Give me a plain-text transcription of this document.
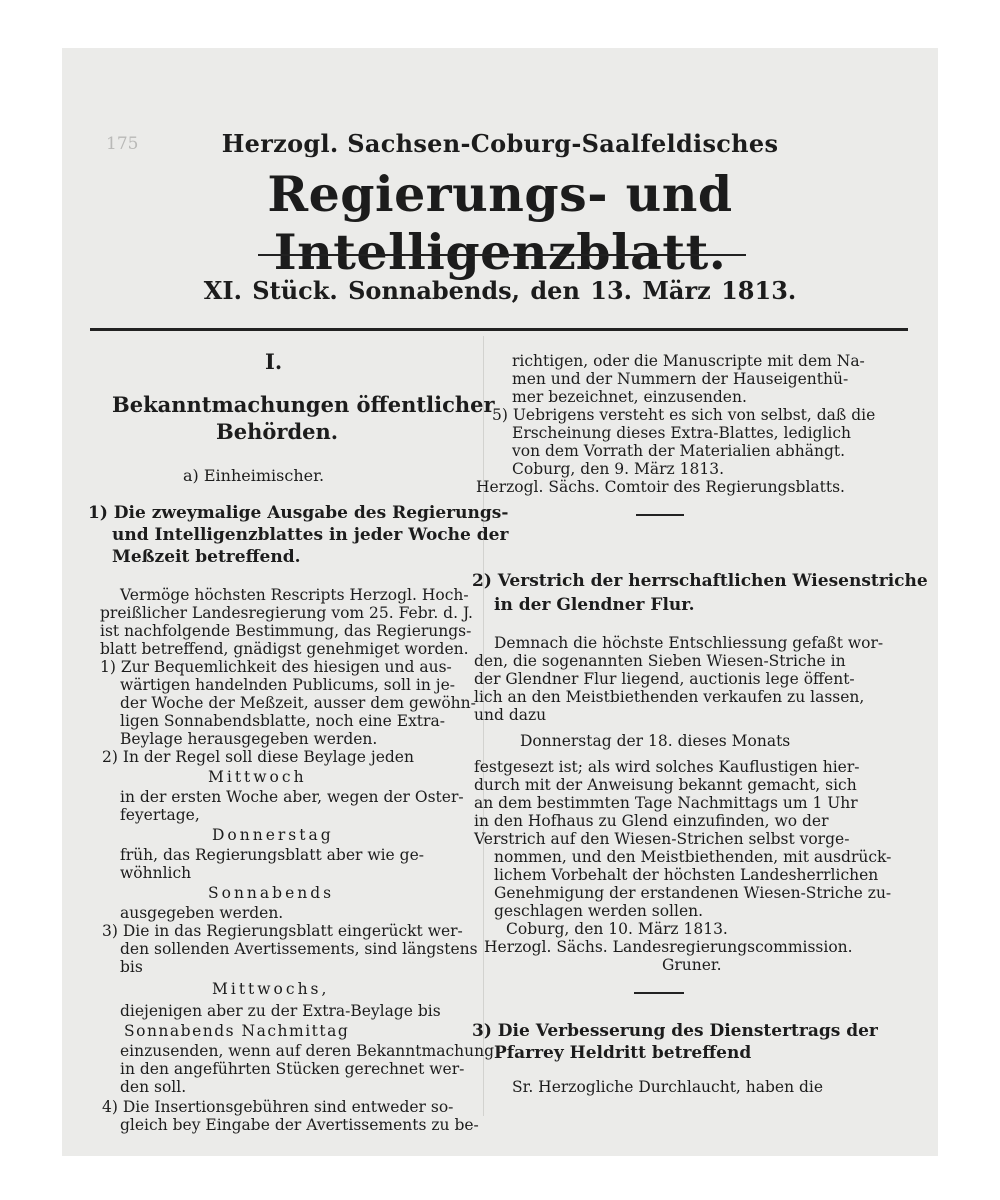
175	Herzogl. Sachsen-Coburg-Saalfeldisches
Regierungs- und Intelligenzblatt.
XI. Stück. Sonnabends, den 13. März 1813.
I.
Bekanntmachungen öffentlicher
Behörden.
a) Einheimischer.
1) Die zweymalige Ausgabe des Regierungs-
und Intelligenzblattes in jeder Woche der
Meßzeit betreffend.
Vermöge höchsten Rescripts Herzogl. Hoch-
preißlicher Landesregierung vom 25. Febr. d. J.
ist nachfolgende Bestimmung, das Regierungs-
blatt betreffend, gnädigst genehmiget worden.
1) Zur Bequemlichkeit des hiesigen und aus-
wärtigen handelnden Publicums, soll in je-
der Woche der Meßzeit, ausser dem gewöhn-
ligen Sonnabendsblatte, noch eine Extra-
Beylage herausgegeben werden.
2) In der Regel soll diese Beylage jeden
Mittwoch
in der ersten Woche aber, wegen der Oster-
feyertage,
Donnerstag
früh, das Regierungsblatt aber wie ge-
wöhnlich
Sonnabends
ausgegeben werden.
3) Die in das Regierungsblatt eingerückt wer-
den sollenden Avertissements, sind längstens
bis
Mittwochs,
diejenigen aber zu der Extra-Beylage bis
Sonnabends Nachmittag
einzusenden, wenn auf deren Bekanntmachung
in den angeführten Stücken gerechnet wer-
den soll.
4) Die Insertionsgebühren sind entweder so-
gleich bey Eingabe der Avertissements zu be-
richtigen, oder die Manuscripte mit dem Na-
men und der Nummern der Hauseigenthü-
mer bezeichnet, einzusenden.
5) Uebrigens versteht es sich von selbst, daß die
Erscheinung dieses Extra-Blattes, lediglich
von dem Vorrath der Materialien abhängt.
Coburg, den 9. März 1813.
Herzogl. Sächs. Comtoir des Regierungsblatts.
2) Verstrich der herrschaftlichen Wiesenstriche
in der Glendner Flur.
Demnach die höchste Entschliessung gefaßt wor-
den, die sogenannten Sieben Wiesen-Striche in
der Glendner Flur liegend, auctionis lege öffent-
lich an den Meistbiethenden verkaufen zu lassen,
und dazu
Donnerstag der 18. dieses Monats
festgesezt ist; als wird solches Kauflustigen hier-
durch mit der Anweisung bekannt gemacht, sich
an dem bestimmten Tage Nachmittags um 1 Uhr
in den Hofhaus zu Glend einzufinden, wo der
Verstrich auf den Wiesen-Strichen selbst vorge-
nommen, und den Meistbiethenden, mit ausdrück-
lichem Vorbehalt der höchsten Landesherrlichen
Genehmigung der erstandenen Wiesen-Striche zu-
geschlagen werden sollen.
Coburg, den 10. März 1813.
Herzogl. Sächs. Landesregierungscommission.
Gruner.
3) Die Verbesserung des Dienstertrags der
Pfarrey Heldritt betreffend
Sr. Herzogliche Durchlaucht, haben die
